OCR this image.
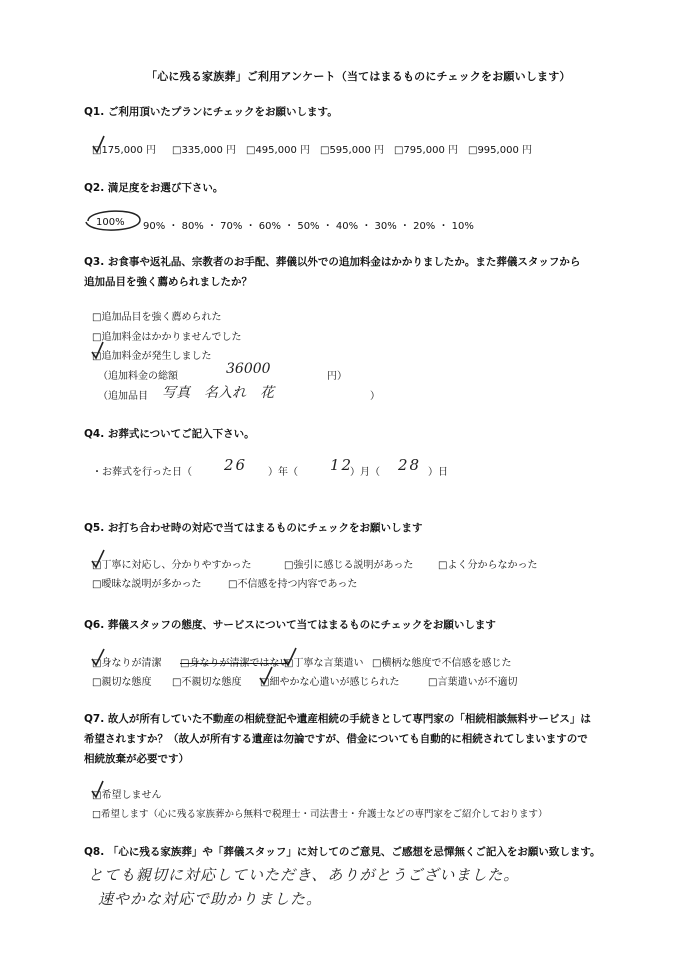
「心に残る家族葬」ご利用アンケート（当てはまるものにチェックをお願いします）
Q1. ご利用頂いたプランにチェックをお願いします。
□175,000 円 □335,000 円 □495,000 円 □595,000 円 □795,000 円 □995,000 円
Q2. 満足度をお選び下さい。
100% 90% ・ 80% ・ 70% ・ 60% ・ 50% ・ 40% ・ 30% ・ 20% ・ 10%
Q3. お食事や返礼品、宗教者のお手配、葬儀以外での追加料金はかかりましたか。また葬儀スタッフから
追加品目を強く薦められましたか？
□追加品目を強く薦められた
□追加料金はかかりませんでした
□追加料金が発生しました
（追加料金の総額	36000	円）
（追加品目 写真　名入れ　花	）
Q4. お葬式についてご記入下さい。
・お葬式を行った日（ 26 ）年（ 12
）月（ 28 ）日
Q5. お打ち合わせ時の対応で当てはまるものにチェックをお願いします
□丁寧に対応し、分かりやすかった	□強引に感じる説明があった □よく分からなかった
□曖昧な説明が多かった	□不信感を持つ内容であった
Q6. 葬儀スタッフの態度、サービスについて当てはまるものにチェックをお願いします
□身なりが清潔 □身なりが清潔ではない
□丁寧な言葉遣い □横柄な態度で不信感を感じた
□親切な態度 □不親切な態度 □細やかな心遣いが感じられた	□言葉遣いが不適切
Q7. 故人が所有していた不動産の相続登記や遺産相続の手続きとして専門家の「相続相談無料サービス」は
希望されますか？（故人が所有する遺産は勿論ですが、借金についても自動的に相続されてしまいますので
相続放棄が必要です）
□希望しません
□希望します（心に残る家族葬から無料で税理士・司法書士・弁護士などの専門家をご紹介しております）
Q8. 「心に残る家族葬」や「葬儀スタッフ」に対してのご意見、ご感想を忌憚無くご記入をお願い致します。
とても親切に対応していただき、ありがとうございました。
速やかな対応で助かりました。
